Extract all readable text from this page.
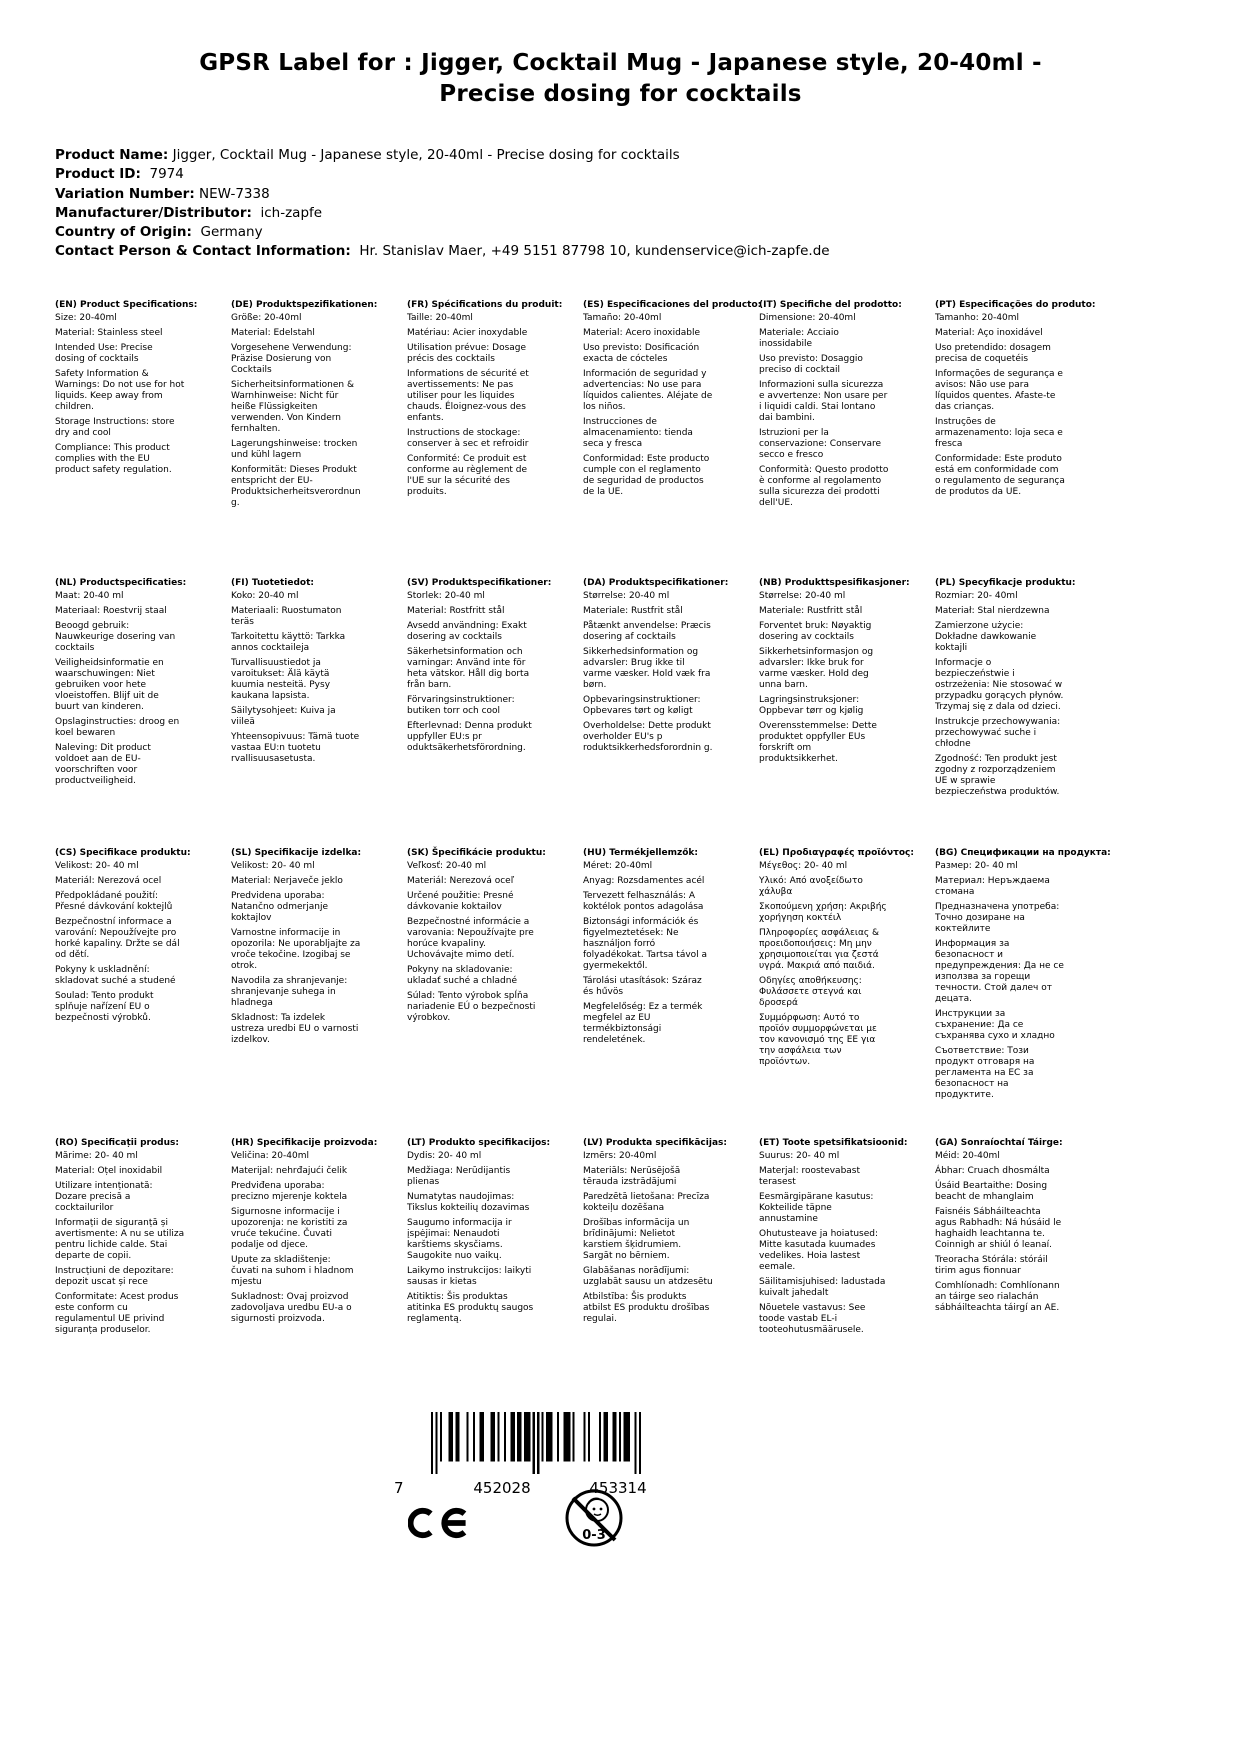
GPSR Label for : Jigger, Cocktail Mug - Japanese style, 20-40ml -
Precise dosing for cocktails
Product Name: Jigger, Cocktail Mug - Japanese style, 20-40ml - Precise dosing for cocktails
Product ID: 7974
Variation Number: NEW-7338
Manufacturer/Distributor: ich-zapfe
Country of Origin: Germany
Contact Person & Contact Information: Hr. Stanislav Maer, +49 5151 87798 10, kundenservice@ich-zapfe.de
(EN) Product Specifications:
Size: 20-40ml
Material: Stainless steel
Intended Use: Precise dosing of cocktails
Safety Information & Warnings: Do not use for hot liquids. Keep away from children.
Storage Instructions: store dry and cool
Compliance: This product complies with the EU product safety regulation.
(DE) Produktspezifikationen:
Größe: 20-40ml
Material: Edelstahl
Vorgesehene Verwendung: Präzise Dosierung von Cocktails
Sicherheitsinformationen & Warnhinweise: Nicht für heiße Flüssigkeiten verwenden. Von Kindern fernhalten.
Lagerungshinweise: trocken und kühl lagern
Konformität: Dieses Produkt entspricht der EU-Produktsicherheitsverordnung.
(FR) Spécifications du produit:
Taille: 20-40ml
Matériau: Acier inoxydable
Utilisation prévue: Dosage précis des cocktails
Informations de sécurité et avertissements: Ne pas utiliser pour les liquides chauds. Éloignez-vous des enfants.
Instructions de stockage: conserver à sec et refroidir
Conformité: Ce produit est conforme au règlement de l'UE sur la sécurité des produits.
(ES) Especificaciones del producto:
Tamaño: 20-40ml
Material: Acero inoxidable
Uso previsto: Dosificación exacta de cócteles
Información de seguridad y advertencias: No use para líquidos calientes. Aléjate de los niños.
Instrucciones de almacenamiento: tienda seca y fresca
Conformidad: Este producto cumple con el reglamento de seguridad de productos de la UE.
(IT) Specifiche del prodotto:
Dimensione: 20-40ml
Materiale: Acciaio inossidabile
Uso previsto: Dosaggio preciso di cocktail
Informazioni sulla sicurezza e avvertenze: Non usare per i liquidi caldi. Stai lontano dai bambini.
Istruzioni per la conservazione: Conservare secco e fresco
Conformità: Questo prodotto è conforme al regolamento sulla sicurezza dei prodotti dell'UE.
(PT) Especificações do produto:
Tamanho: 20-40ml
Material: Aço inoxidável
Uso pretendido: dosagem precisa de coquetéis
Informações de segurança e avisos: Não use para líquidos quentes. Afaste-te das crianças.
Instruções de armazenamento: loja seca e fresca
Conformidade: Este produto está em conformidade com o regulamento de segurança de produtos da UE.
(NL) Productspecificaties:
Maat: 20-40 ml
Materiaal: Roestvrij staal
Beoogd gebruik: Nauwkeurige dosering van cocktails
Veiligheidsinformatie en waarschuwingen: Niet gebruiken voor hete vloeistoffen. Blijf uit de buurt van kinderen.
Opslaginstructies: droog en koel bewaren
Naleving: Dit product voldoet aan de EU-voorschriften voor productveiligheid.
(FI) Tuotetiedot:
Koko: 20-40 ml
Materiaali: Ruostumaton teräs
Tarkoitettu käyttö: Tarkka annos cocktaileja
Turvallisuustiedot ja varoitukset: Älä käytä kuumia nesteitä. Pysy kaukana lapsista.
Säilytysohjeet: Kuiva ja viileä
Yhteensopivuus: Tämä tuote vastaa EU:n tuotetu rvallisuusasetusta.
(SV) Produktspecifikationer:
Storlek: 20-40 ml
Material: Rostfritt stål
Avsedd användning: Exakt dosering av cocktails
Säkerhetsinformation och varningar: Använd inte för heta vätskor. Håll dig borta från barn.
Förvaringsinstruktioner: butiken torr och cool
Efterlevnad: Denna produkt uppfyller EU:s pr oduktsäkerhetsförordning.
(DA) Produktspecifikationer:
Størrelse: 20-40 ml
Materiale: Rustfrit stål
Påtænkt anvendelse: Præcis dosering af cocktails
Sikkerhedsinformation og advarsler: Brug ikke til varme væsker. Hold væk fra børn.
Opbevaringsinstruktioner: Opbevares tørt og køligt
Overholdelse: Dette produkt overholder EU's p roduktsikkerhedsforordnin g.
(NB) Produkttspesifikasjoner:
Størrelse: 20-40 ml
Materiale: Rustfritt stål
Forventet bruk: Nøyaktig dosering av cocktails
Sikkerhetsinformasjon og advarsler: Ikke bruk for varme væsker. Hold deg unna barn.
Lagringsinstruksjoner: Oppbevar tørr og kjølig
Overensstemmelse: Dette produktet oppfyller EUs forskrift om produktsikkerhet.
(PL) Specyfikacje produktu:
Rozmiar: 20- 40ml
Materiał: Stal nierdzewna
Zamierzone użycie: Dokładne dawkowanie koktajli
Informacje o bezpieczeństwie i ostrzeżenia: Nie stosować w przypadku gorących płynów. Trzymaj się z dala od dzieci.
Instrukcje przechowywania: przechowywać suche i chłodne
Zgodność: Ten produkt jest zgodny z rozporządzeniem UE w sprawie bezpieczeństwa produktów.
(CS) Specifikace produktu:
Velikost: 20- 40 ml
Materiál: Nerezová ocel
Předpokládané použití: Přesné dávkování koktejlů
Bezpečnostní informace a varování: Nepoužívejte pro horké kapaliny. Držte se dál od dětí.
Pokyny k uskladnění: skladovat suché a studené
Soulad: Tento produkt splňuje nařízení EU o bezpečnosti výrobků.
(SL) Specifikacije izdelka:
Velikost: 20- 40 ml
Material: Nerjaveče jeklo
Predvidena uporaba: Natančno odmerjanje koktajlov
Varnostne informacije in opozorila: Ne uporabljajte za vroče tekočine. Izogibaj se otrok.
Navodila za shranjevanje: shranjevanje suhega in hladnega
Skladnost: Ta izdelek ustreza uredbi EU o varnosti izdelkov.
(SK) Špecifikácie produktu:
Veľkosť: 20-40 ml
Materiál: Nerezová oceľ
Určené použitie: Presné dávkovanie koktailov
Bezpečnostné informácie a varovania: Nepoužívajte pre horúce kvapaliny. Uchovávajte mimo detí.
Pokyny na skladovanie: ukladať suché a chladné
Súlad: Tento výrobok spĺňa nariadenie EÚ o bezpečnosti výrobkov.
(HU) Termékjellemzők:
Méret: 20-40ml
Anyag: Rozsdamentes acél
Tervezett felhasználás: A koktélok pontos adagolása
Biztonsági információk és figyelmeztetések: Ne használjon forró folyadékokat. Tartsa távol a gyermekektől.
Tárolási utasítások: Száraz és hűvös
Megfelelőség: Ez a termék megfelel az EU termékbiztonsági rendeletének.
(EL) Προδιαγραφές προϊόντος:
Μέγεθος: 20- 40 ml
Υλικό: Από ανοξείδωτο χάλυβα
Σκοπούμενη χρήση: Ακριβής χορήγηση κοκτέιλ
Πληροφορίες ασφάλειας & προειδοποιήσεις: Μη μην χρησιμοποιείται για ζεστά υγρά. Μακριά από παιδιά.
Οδηγίες αποθήκευσης: Φυλάσσετε στεγνά και δροσερά
Συμμόρφωση: Αυτό το προϊόν συμμορφώνεται με τον κανονισμό της ΕΕ για την ασφάλεια των προϊόντων.
(BG) Спецификации на продукта:
Размер: 20- 40 ml
Материал: Неръждаема стомана
Предназначена употреба: Точно дозиране на коктейлите
Информация за безопасност и предупреждения: Да не се използва за горещи течности. Стой далеч от децата.
Инструкции за съхранение: Да се съхранява сухо и хладно
Съответствие: Този продукт отговаря на регламента на ЕС за безопасност на продуктите.
(RO) Specificații produs:
Mărime: 20- 40 ml
Material: Oțel inoxidabil
Utilizare intenționată: Dozare precisă a cocktailurilor
Informații de siguranță și avertismente: A nu se utiliza pentru lichide calde. Stai departe de copii.
Instrucțiuni de depozitare: depozit uscat și rece
Conformitate: Acest produs este conform cu regulamentul UE privind siguranța produselor.
(HR) Specifikacije proizvoda:
Veličina: 20-40ml
Materijal: nehrđajući čelik
Predviđena uporaba: precizno mjerenje koktela
Sigurnosne informacije i upozorenja: ne koristiti za vruće tekućine. Čuvati podalje od djece.
Upute za skladištenje: čuvati na suhom i hladnom mjestu
Sukladnost: Ovaj proizvod zadovoljava uredbu EU-a o sigurnosti proizvoda.
(LT) Produkto specifikacijos:
Dydis: 20- 40 ml
Medžiaga: Nerūdijantis plienas
Numatytas naudojimas: Tikslus kokteilių dozavimas
Saugumo informacija ir įspėjimai: Nenaudoti karštiems skysčiams. Saugokite nuo vaikų.
Laikymo instrukcijos: laikyti sausas ir kietas
Atitiktis: Šis produktas atitinka ES produktų saugos reglamentą.
(LV) Produkta specifikācijas:
Izmērs: 20-40ml
Materiāls: Nerūsējošā tērauda izstrādājumi
Paredzētā lietošana: Precīza kokteiļu dozēšana
Drošības informācija un brīdinājumi: Nelietot karstiem šķidrumiem. Sargāt no bērniem.
Glabāšanas norādījumi: uzglabāt sausu un atdzesētu
Atbilstība: Šis produkts atbilst ES produktu drošības regulai.
(ET) Toote spetsifikatsioonid:
Suurus: 20- 40 ml
Materjal: roostevabast terasest
Eesmärgipärane kasutus: Kokteilide täpne annustamine
Ohutusteave ja hoiatused: Mitte kasutada kuumades vedelikes. Hoia lastest eemale.
Säilitamisjuhised: ladustada kuivalt jahedalt
Nõuetele vastavus: See toode vastab EL-i tooteohutusmäärusele.
(GA) Sonraíochtaí Táirge:
Méid: 20-40ml
Ábhar: Cruach dhosmálta
Úsáid Beartaithe: Dosing beacht de mhanglaim
Faisnéis Sábháilteachta agus Rabhadh: Ná húsáid le haghaidh leachtanna te. Coinnigh ar shiúl ó leanaí.
Treoracha Stórála: stóráil tirim agus fionnuar
Comhlíonadh: Comhlíonann an táirge seo rialachán sábháilteachta táirgí an AE.
7	452028	453314
0-3
